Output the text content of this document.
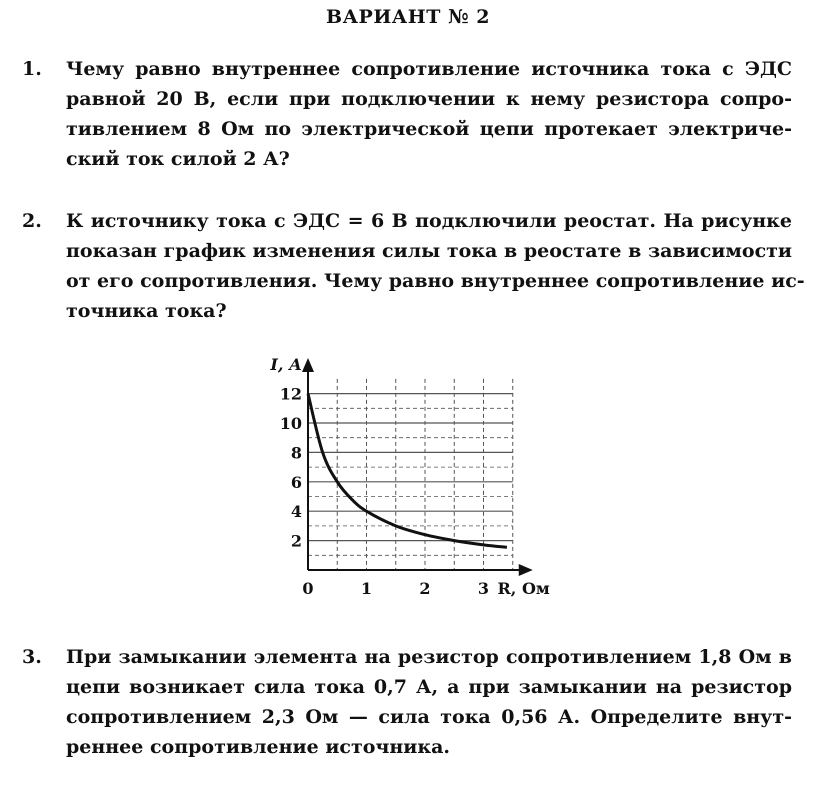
ВАРИАНТ № 2
1. Чему равно внутреннее сопротивление источника тока с ЭДС
равной 20 В, если при подключении к нему резистора сопро-
тивлением 8 Ом по электрической цепи протекает электриче-
ский ток силой 2 А?
2. К источнику тока с ЭДС = 6 В подключили реостат. На рисунке
показан график изменения силы тока в реостате в зависимости
от его сопротивления. Чему равно внутреннее сопротивление ис-
точника тока?
2
4
6
8
10
12
0	1	2	3
I, А
R, Ом
3. При замыкании элемента на резистор сопротивлением 1,8 Ом в
цепи возникает сила тока 0,7 А, а при замыкании на резистор
сопротивлением 2,3 Ом — сила тока 0,56 А. Определите внут-
реннее сопротивление источника.
